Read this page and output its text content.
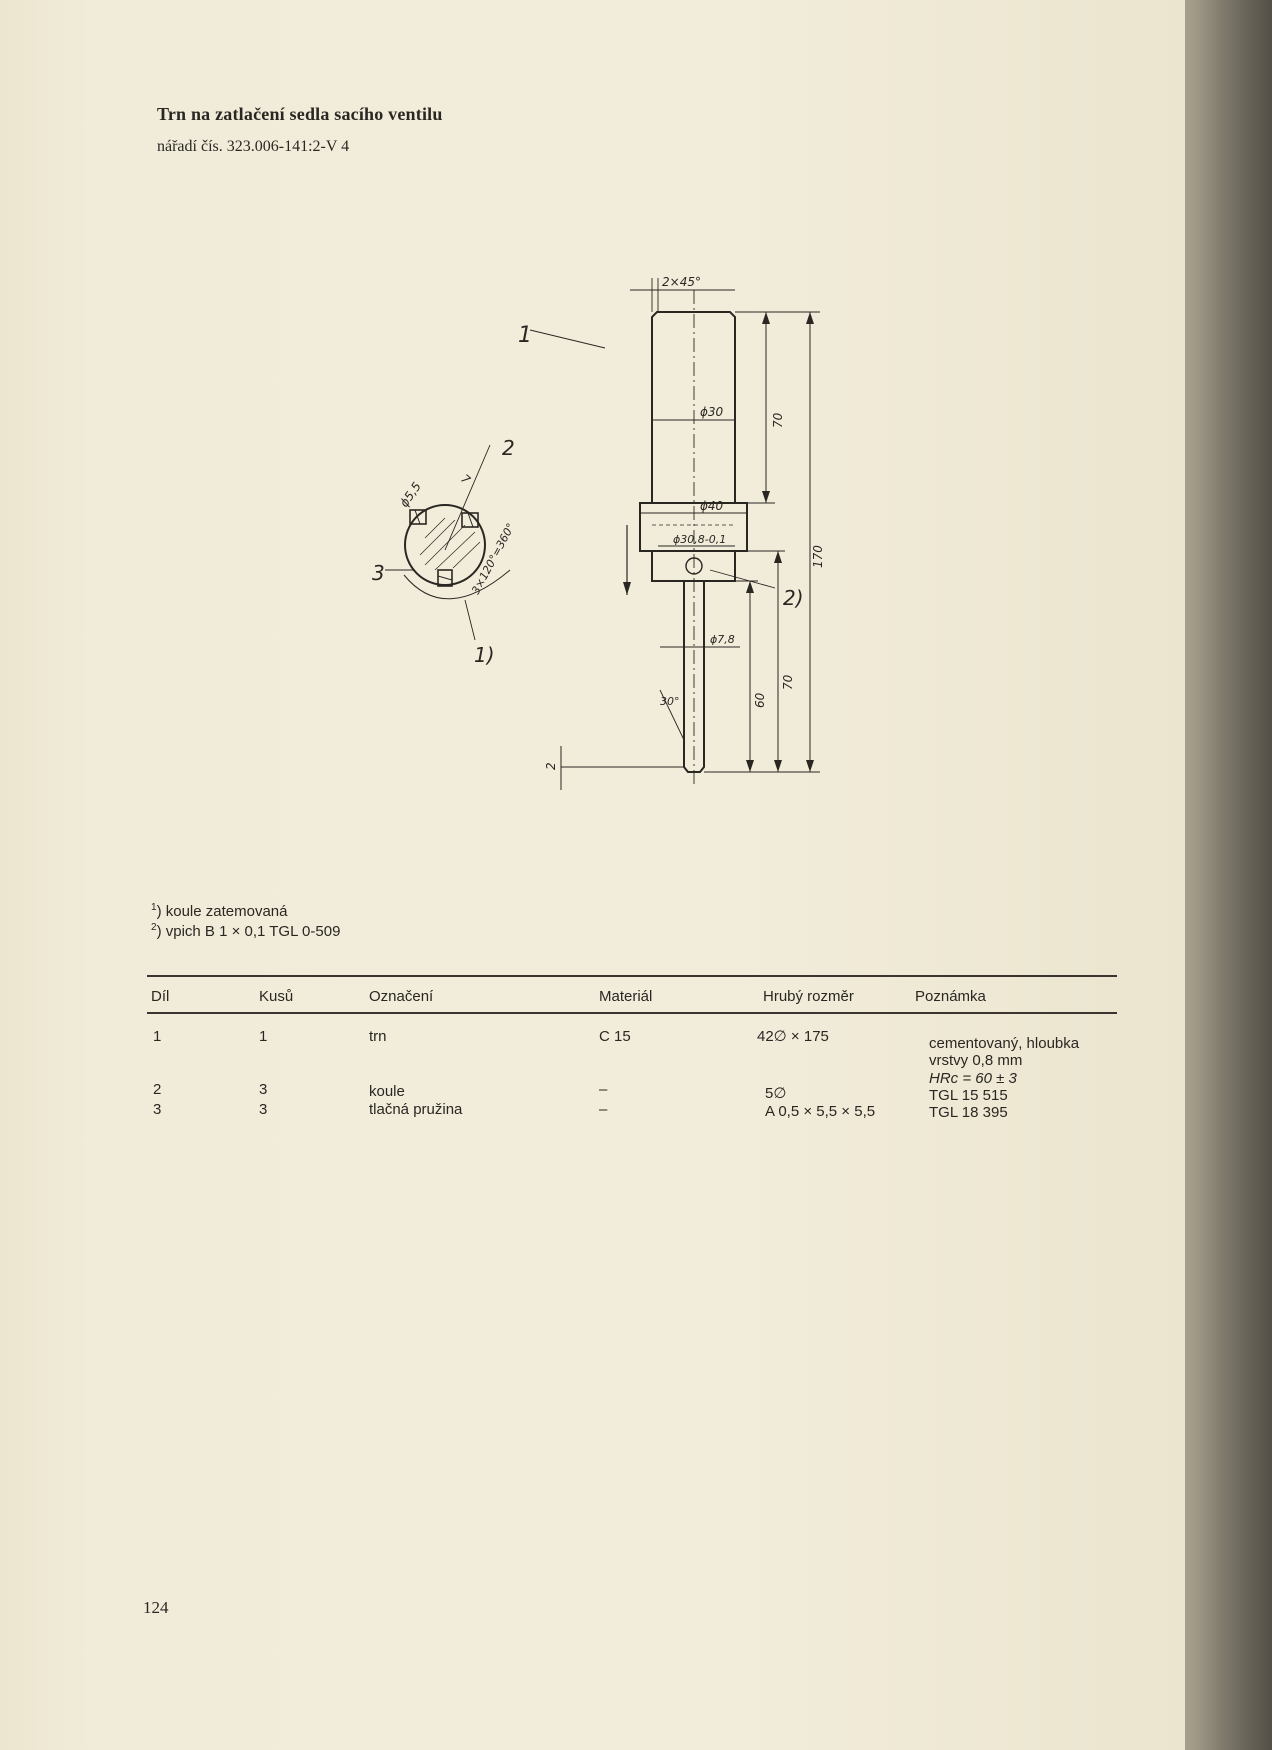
Trn na zatlačení sedla sacího ventilu
nářadí čís. 323.006-141:2-V 4
1
2
3
1)
2)
2×45°
ϕ30
ϕ40
ϕ30,8-0,1
ϕ7,8
30°
ϕ5,5
7
3×120°=360°
70
170
70
60
2
$^1$) koule zatemovaná
$^2$) vpich B 1 × 0,1 TGL 0-509
Díl	Kusů	Označení	Materiál	Hrubý rozměr	Poznámka
1	1	trn	C 15	42∅ × 175	cementovaný, hloubka
vrstvy 0,8 mm
HRc = 60 ± 3
2	3	koule	–	5∅	TGL 15 515
3	3	tlačná pružina	–	A 0,5 × 5,5 × 5,5	TGL 18 395
124
